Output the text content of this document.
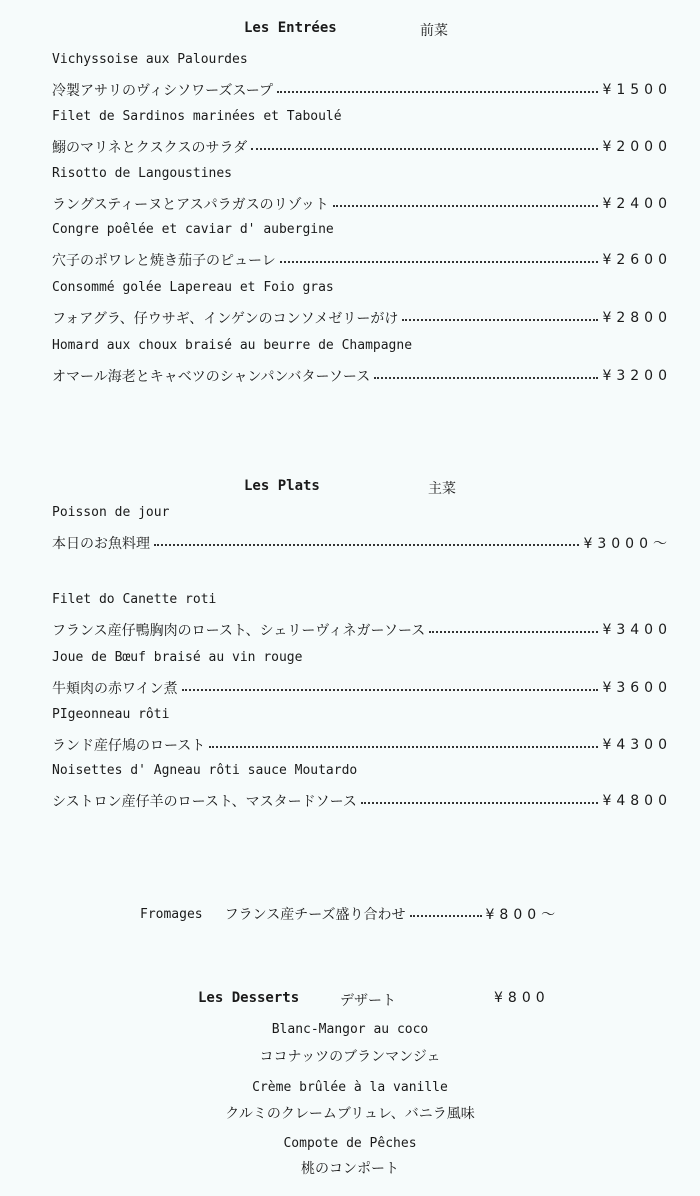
Les Entrées	前菜
Vichyssoise aux Palourdes
冷製アサリのヴィシソワーズスープ	¥1500
Filet de Sardinos marinées et Taboulé
鰯のマリネとクスクスのサラダ	¥2000
Risotto de Langoustines
ラングスティーヌとアスパラガスのリゾット	¥2400
Congre poêlée et caviar d' aubergine
穴子のポワレと焼き茄子のピューレ	¥2600
Consommé golée Lapereau et Foio gras
フォアグラ、仔ウサギ、インゲンのコンソメゼリーがけ	¥2800
Homard aux choux braisé au beurre de Champagne
オマール海老とキャベツのシャンパンバターソース	¥3200
Les Plats	主菜
Poisson de jour
本日のお魚料理	¥3000～
Filet do Canette roti
フランス産仔鴨胸肉のロースト、シェリーヴィネガーソース	¥3400
Joue de Bœuf braisé au vin rouge
牛頬肉の赤ワイン煮	¥3600
PIgeonneau rôti
ランド産仔鳩のロースト	¥4300
Noisettes d' Agneau rôti sauce Moutardo
シストロン産仔羊のロースト、マスタードソース	¥4800
Fromages フランス産チーズ盛り合わせ	¥800～
Les Desserts	デザート	¥800
Blanc-Mangor au coco
ココナッツのブランマンジェ
Crème brûlée à la vanille
クルミのクレームブリュレ、バニラ風味
Compote de Pêches
桃のコンポート
